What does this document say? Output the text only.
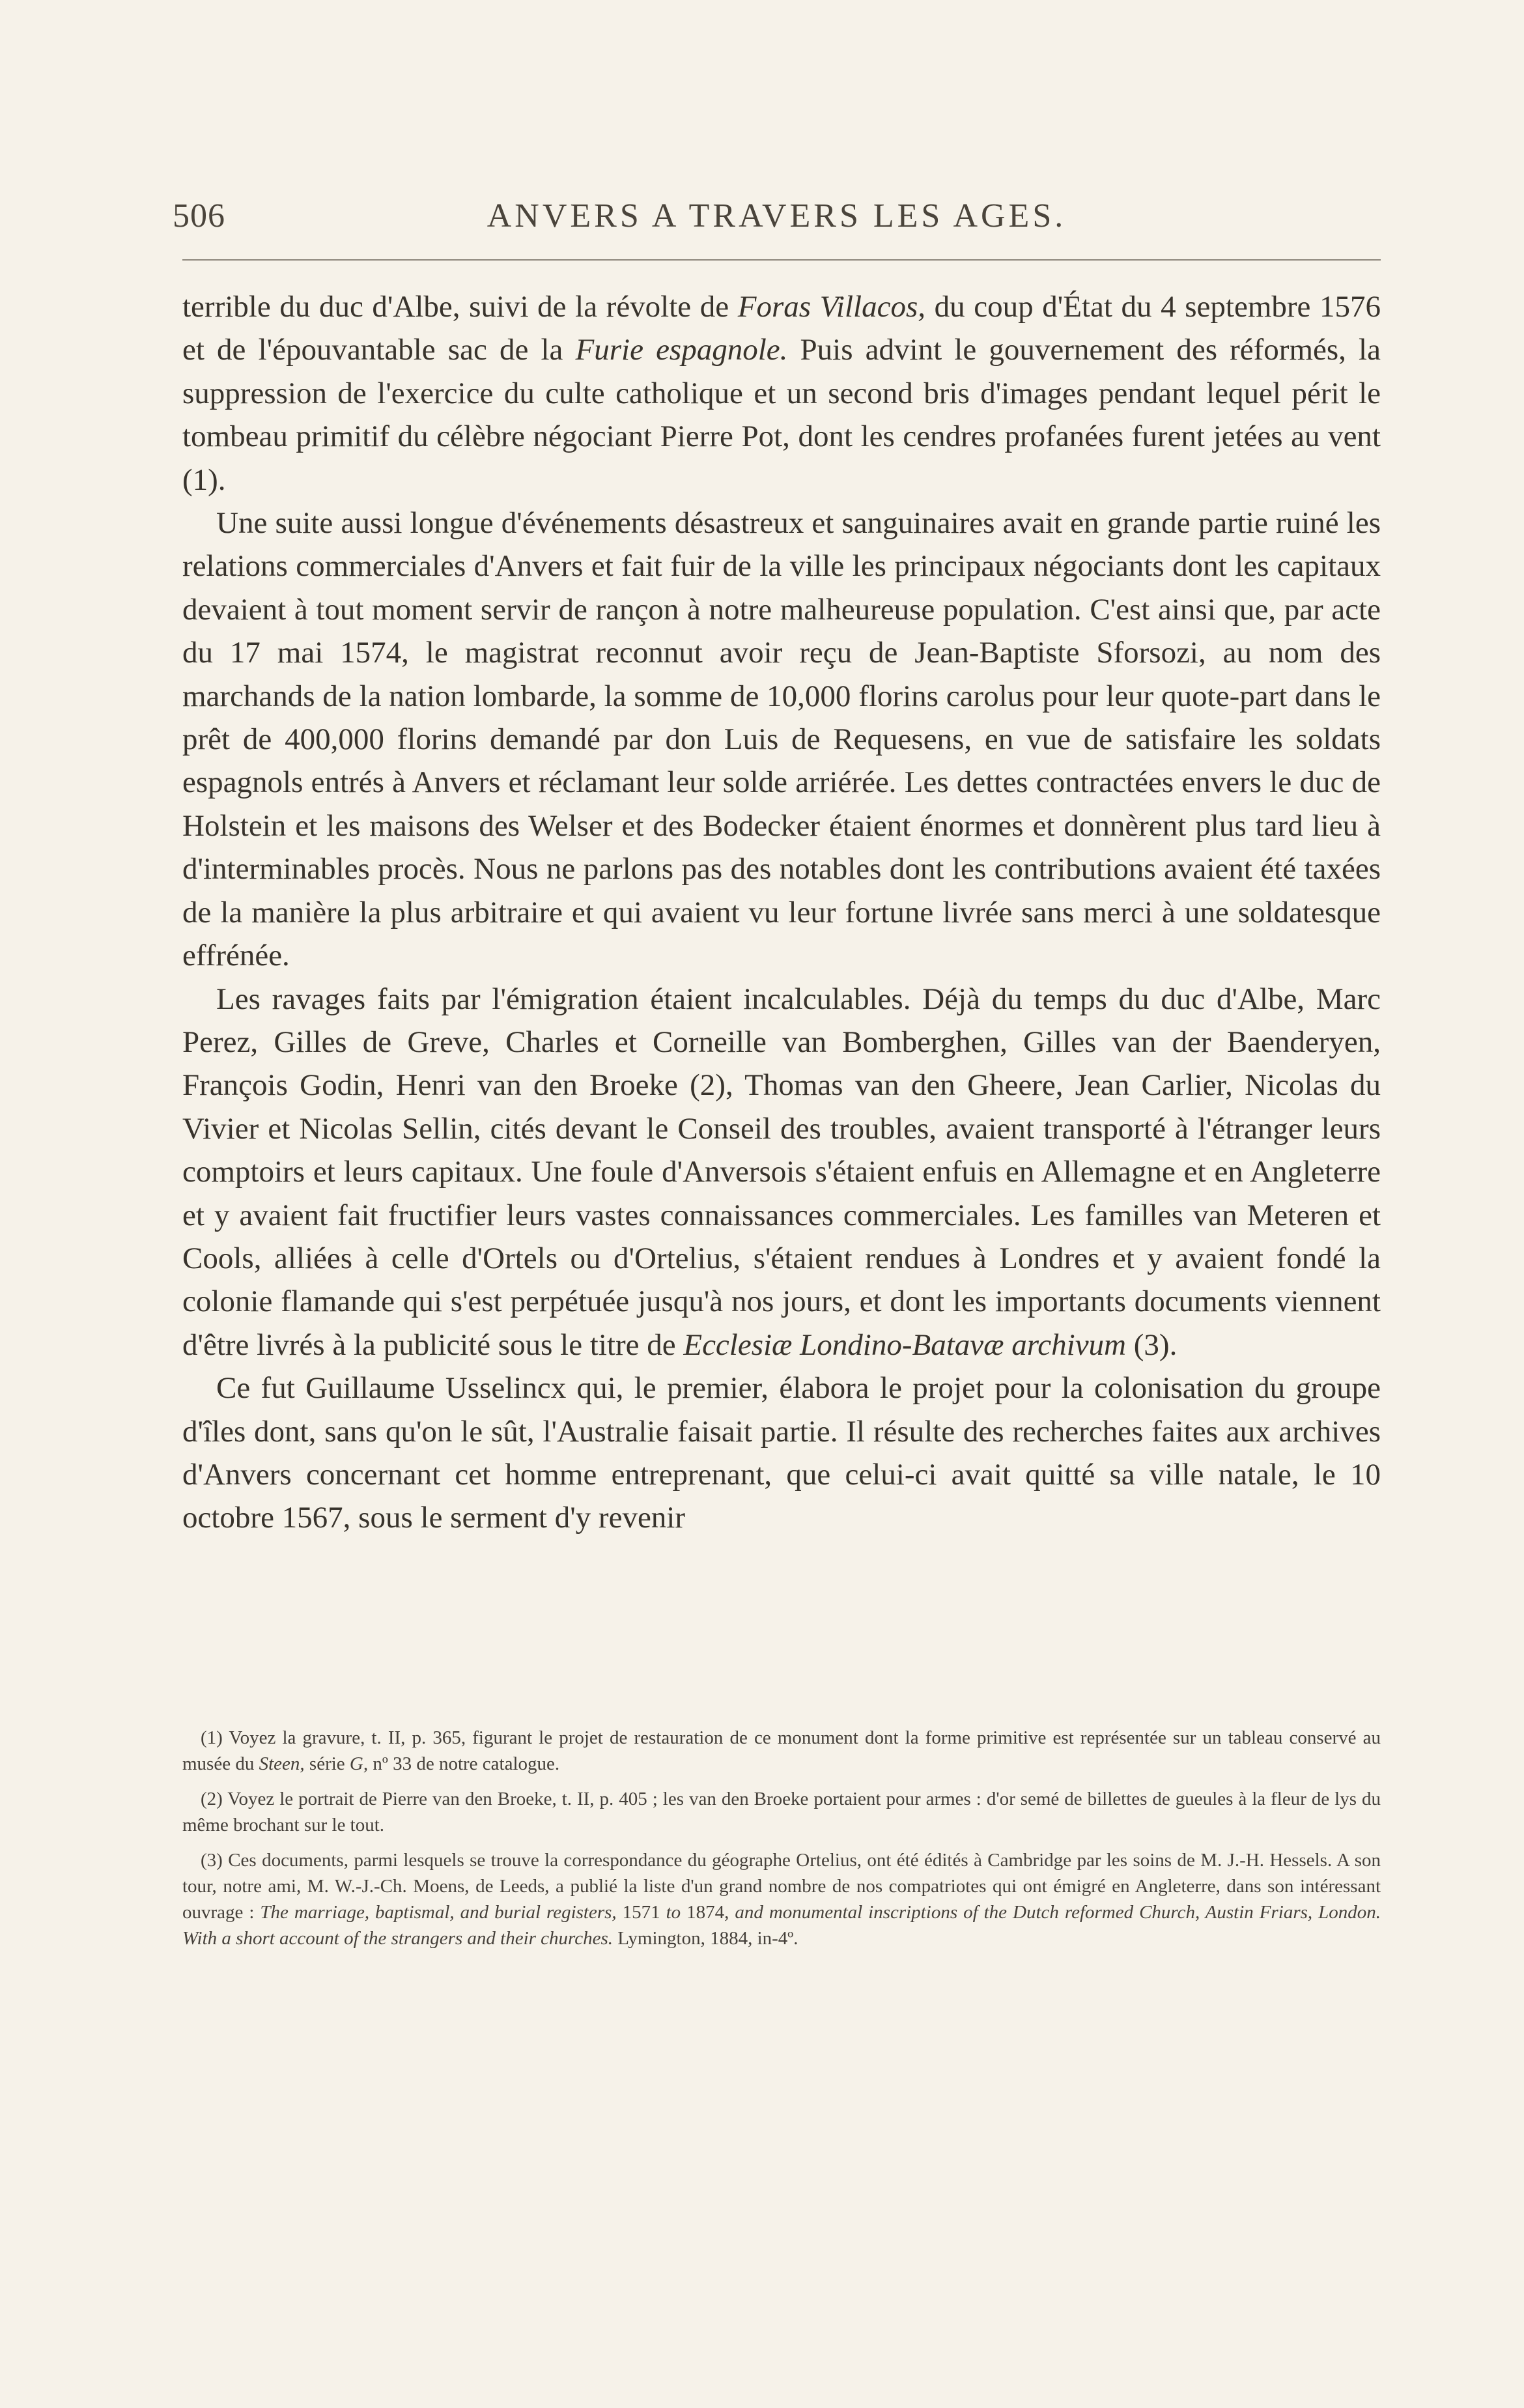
506	ANVERS A TRAVERS LES AGES.

terrible du duc d'Albe, suivi de la révolte de Foras Villacos, du coup d'État du 4 septembre 1576 et de l'épouvantable sac de la Furie espagnole. Puis advint le gouvernement des réformés, la suppression de l'exercice du culte catholique et un second bris d'images pendant lequel périt le tombeau primitif du célèbre négociant Pierre Pot, dont les cendres profanées furent jetées au vent (1).

Une suite aussi longue d'événements désastreux et sanguinaires avait en grande partie ruiné les relations commerciales d'Anvers et fait fuir de la ville les principaux négociants dont les capitaux devaient à tout moment servir de rançon à notre malheureuse population. C'est ainsi que, par acte du 17 mai 1574, le magistrat reconnut avoir reçu de Jean-Baptiste Sforsozi, au nom des marchands de la nation lombarde, la somme de 10,000 florins carolus pour leur quote-part dans le prêt de 400,000 florins demandé par don Luis de Requesens, en vue de satisfaire les soldats espagnols entrés à Anvers et réclamant leur solde arriérée. Les dettes contractées envers le duc de Holstein et les maisons des Welser et des Bodecker étaient énormes et donnèrent plus tard lieu à d'interminables procès. Nous ne parlons pas des notables dont les contributions avaient été taxées de la manière la plus arbitraire et qui avaient vu leur fortune livrée sans merci à une soldatesque effrénée.

Les ravages faits par l'émigration étaient incalculables. Déjà du temps du duc d'Albe, Marc Perez, Gilles de Greve, Charles et Corneille van Bomberghen, Gilles van der Baenderyen, François Godin, Henri van den Broeke (2), Thomas van den Gheere, Jean Carlier, Nicolas du Vivier et Nicolas Sellin, cités devant le Conseil des troubles, avaient transporté à l'étranger leurs comptoirs et leurs capitaux. Une foule d'Anversois s'étaient enfuis en Allemagne et en Angleterre et y avaient fait fructifier leurs vastes connaissances commerciales. Les familles van Meteren et Cools, alliées à celle d'Ortels ou d'Ortelius, s'étaient rendues à Londres et y avaient fondé la colonie flamande qui s'est perpétuée jusqu'à nos jours, et dont les importants documents viennent d'être livrés à la publicité sous le titre de Ecclesiæ Londino-Batavæ archivum (3).

Ce fut Guillaume Usselincx qui, le premier, élabora le projet pour la colonisation du groupe d'îles dont, sans qu'on le sût, l'Australie faisait partie. Il résulte des recherches faites aux archives d'Anvers concernant cet homme entreprenant, que celui-ci avait quitté sa ville natale, le 10 octobre 1567, sous le serment d'y revenir

(1) Voyez la gravure, t. II, p. 365, figurant le projet de restauration de ce monument dont la forme primitive est représentée sur un tableau conservé au musée du Steen, série G, nº 33 de notre catalogue.

(2) Voyez le portrait de Pierre van den Broeke, t. II, p. 405 ; les van den Broeke portaient pour armes : d'or semé de billettes de gueules à la fleur de lys du même brochant sur le tout.

(3) Ces documents, parmi lesquels se trouve la correspondance du géographe Ortelius, ont été édités à Cambridge par les soins de M. J.-H. Hessels. A son tour, notre ami, M. W.-J.-Ch. Moens, de Leeds, a publié la liste d'un grand nombre de nos compatriotes qui ont émigré en Angleterre, dans son intéressant ouvrage : The marriage, baptismal, and burial registers, 1571 to 1874, and monumental inscriptions of the Dutch reformed Church, Austin Friars, London. With a short account of the strangers and their churches. Lymington, 1884, in-4º.
